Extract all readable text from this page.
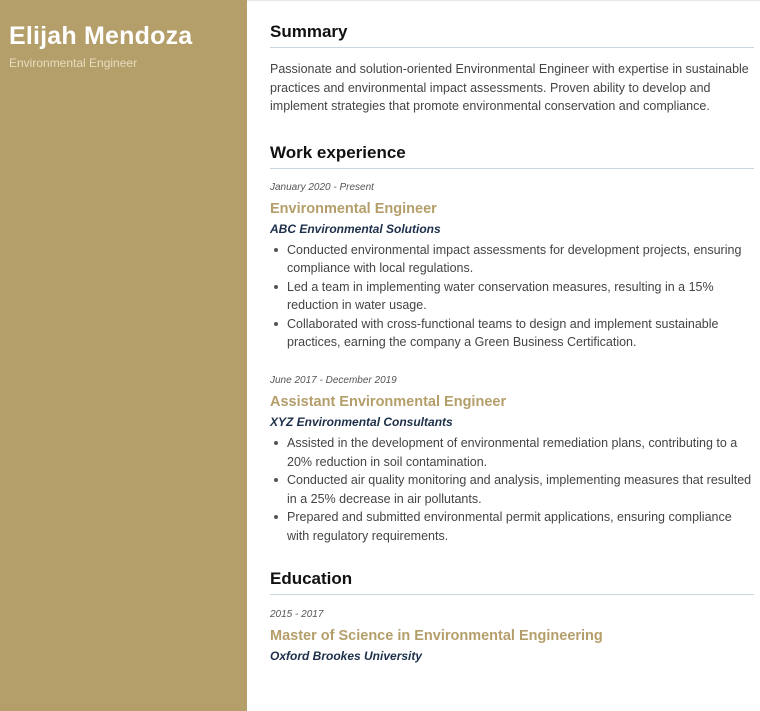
Elijah Mendoza
Environmental Engineer
Summary

Passionate and solution-oriented Environmental Engineer with expertise in sustainable practices and environmental impact assessments. Proven ability to develop and implement strategies that promote environmental conservation and compliance.

Work experience
January 2020 - Present
Environmental Engineer
ABC Environmental Solutions
Conducted environmental impact assessments for development projects, ensuring compliance with local regulations.
Led a team in implementing water conservation measures, resulting in a 15% reduction in water usage.
Collaborated with cross-functional teams to design and implement sustainable practices, earning the company a Green Business Certification.
June 2017 - December 2019
Assistant Environmental Engineer
XYZ Environmental Consultants
Assisted in the development of environmental remediation plans, contributing to a 20% reduction in soil contamination.
Conducted air quality monitoring and analysis, implementing measures that resulted in a 25% decrease in air pollutants.
Prepared and submitted environmental permit applications, ensuring compliance with regulatory requirements.
Education
2015 - 2017
Master of Science in Environmental Engineering
Oxford Brookes University
